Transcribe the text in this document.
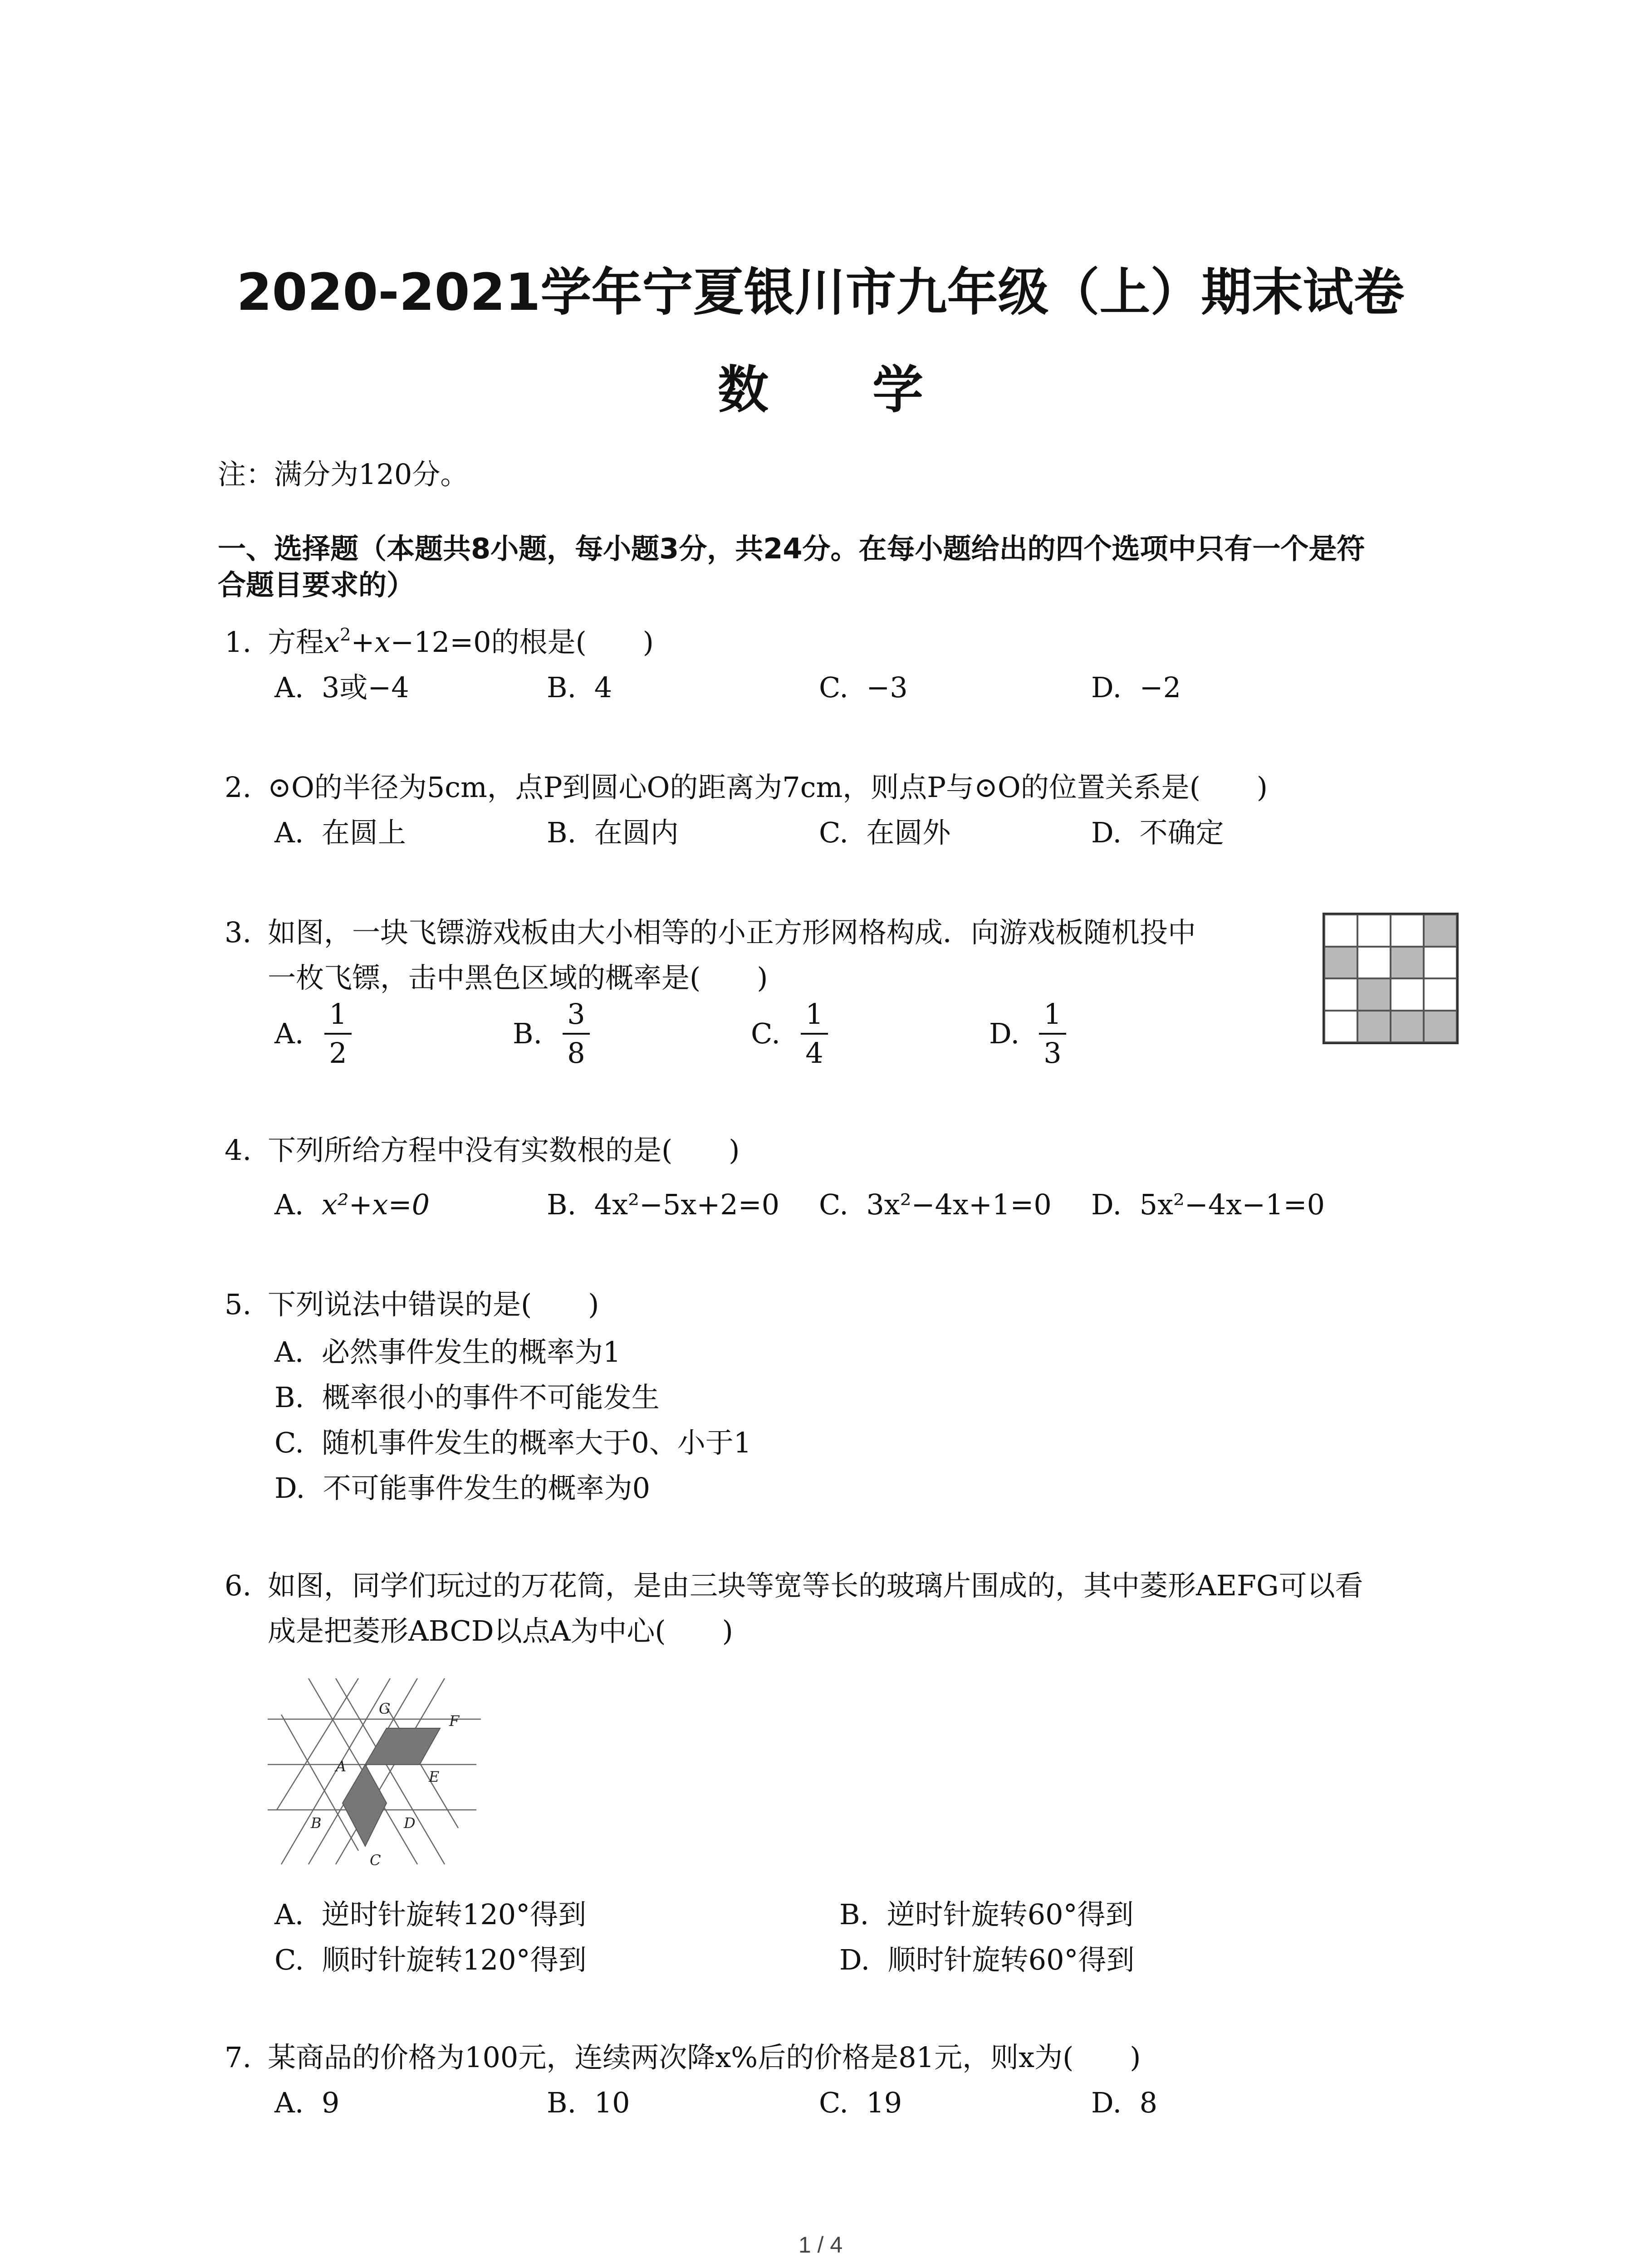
2020-2021学年宁夏银川市九年级（上）期末试卷
数 学
注：满分为120分。
一、选择题（本题共8小题，每小题3分，共24分。在每小题给出的四个选项中只有一个是符
合题目要求的）
1. 方程$x^2+x-12=0$的根是(　　)
A. 3或−4	B. 4	C. −3	D. −2
2. ⊙O的半径为5cm，点P到圆心O的距离为7cm，则点P与⊙O的位置关系是(　　)
A. 在圆上	B. 在圆内	C. 在圆外	D. 不确定
3. 如图，一块飞镖游戏板由大小相等的小正方形网格构成．向游戏板随机投中
一枚飞镖，击中黑色区域的概率是(　　)
A.
1
2
B.
3
8
C.
1
4
D.
1
3
4. 下列所给方程中没有实数根的是(　　)
A. x²+x=0	B. 4x²−5x+2=0 C. 3x²−4x+1=0 D. 5x²−4x−1=0
5. 下列说法中错误的是(　　)
A. 必然事件发生的概率为1
B. 概率很小的事件不可能发生
C. 随机事件发生的概率大于0、小于1
D. 不可能事件发生的概率为0
6. 如图，同学们玩过的万花筒，是由三块等宽等长的玻璃片围成的，其中菱形AEFG可以看
成是把菱形ABCD以点A为中心(　　)
G
F
A
E
B	D
C
A. 逆时针旋转120°得到	B. 逆时针旋转60°得到
C. 顺时针旋转120°得到	D. 顺时针旋转60°得到
7. 某商品的价格为100元，连续两次降x%后的价格是81元，则x为(　　)
A. 9	B. 10	C. 19	D. 8
1 / 4
